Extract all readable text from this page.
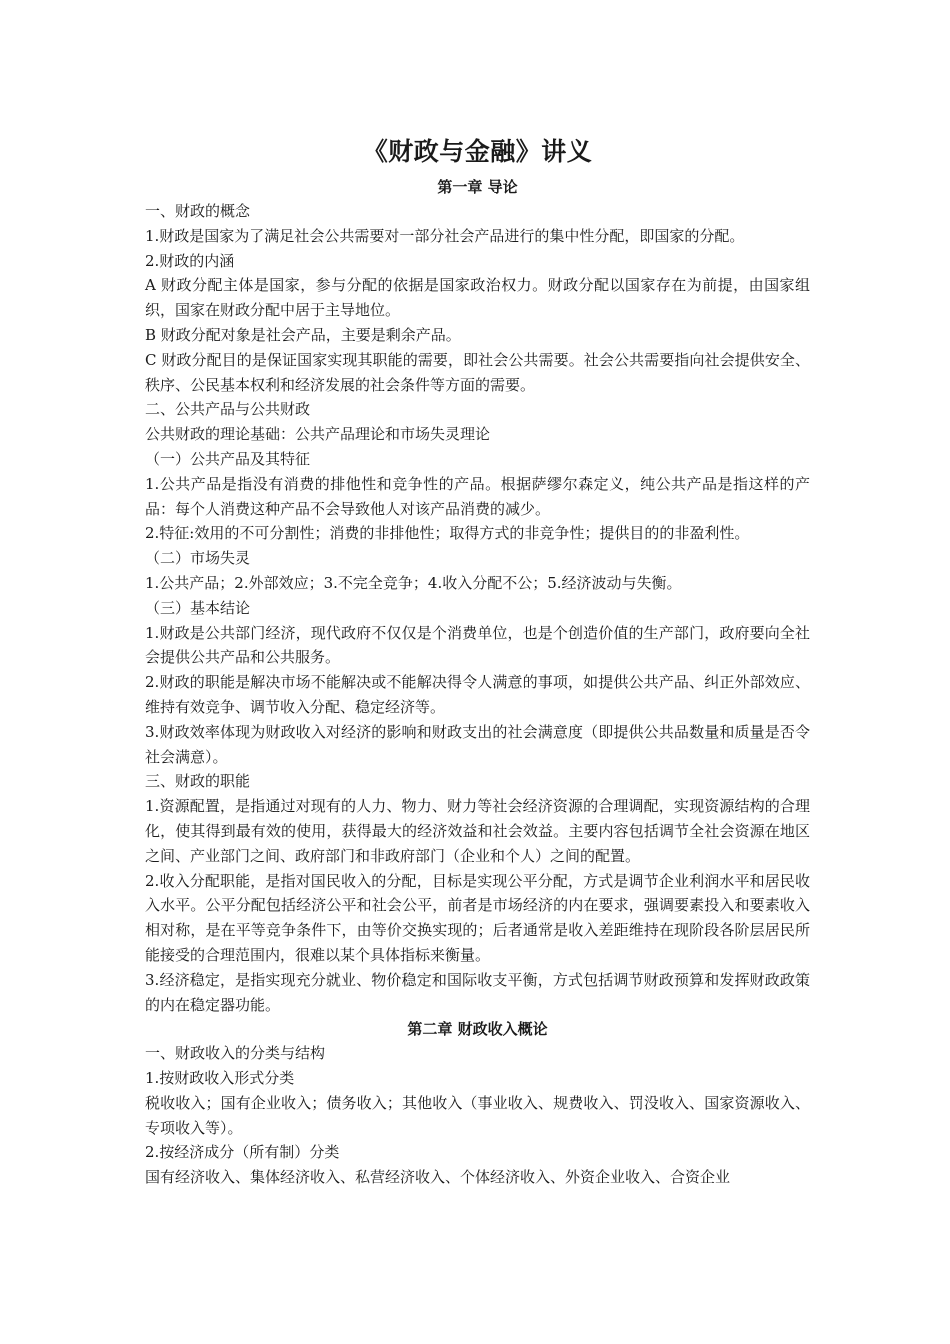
《财政与金融》讲义
第一章 导论

一、财政的概念

1.财政是国家为了满足社会公共需要对一部分社会产品进行的集中性分配，即国家的分配。

2.财政的内涵

A 财政分配主体是国家，参与分配的依据是国家政治权力。财政分配以国家存在为前提，由国家组织，国家在财政分配中居于主导地位。

B 财政分配对象是社会产品，主要是剩余产品。

C 财政分配目的是保证国家实现其职能的需要，即社会公共需要。社会公共需要指向社会提供安全、秩序、公民基本权利和经济发展的社会条件等方面的需要。

二、公共产品与公共财政

公共财政的理论基础：公共产品理论和市场失灵理论

（一）公共产品及其特征

1.公共产品是指没有消费的排他性和竞争性的产品。根据萨缪尔森定义，纯公共产品是指这样的产品：每个人消费这种产品不会导致他人对该产品消费的减少。

2.特征:效用的不可分割性；消费的非排他性；取得方式的非竞争性；提供目的的非盈利性。

（二）市场失灵

1.公共产品；2.外部效应；3.不完全竞争；4.收入分配不公；5.经济波动与失衡。

（三）基本结论

1.财政是公共部门经济，现代政府不仅仅是个消费单位，也是个创造价值的生产部门，政府要向全社会提供公共产品和公共服务。

2.财政的职能是解决市场不能解决或不能解决得令人满意的事项，如提供公共产品、纠正外部效应、维持有效竞争、调节收入分配、稳定经济等。

3.财政效率体现为财政收入对经济的影响和财政支出的社会满意度（即提供公共品数量和质量是否令社会满意）。

三、财政的职能

1.资源配置，是指通过对现有的人力、物力、财力等社会经济资源的合理调配，实现资源结构的合理化，使其得到最有效的使用，获得最大的经济效益和社会效益。主要内容包括调节全社会资源在地区之间、产业部门之间、政府部门和非政府部门（企业和个人）之间的配置。

2.收入分配职能，是指对国民收入的分配，目标是实现公平分配，方式是调节企业利润水平和居民收入水平。公平分配包括经济公平和社会公平，前者是市场经济的内在要求，强调要素投入和要素收入相对称，是在平等竞争条件下，由等价交换实现的；后者通常是收入差距维持在现阶段各阶层居民所能接受的合理范围内，很难以某个具体指标来衡量。

3.经济稳定，是指实现充分就业、物价稳定和国际收支平衡，方式包括调节财政预算和发挥财政政策的内在稳定器功能。

第二章 财政收入概论

一、财政收入的分类与结构

1.按财政收入形式分类

税收收入；国有企业收入；债务收入；其他收入（事业收入、规费收入、罚没收入、国家资源收入、专项收入等）。

2.按经济成分（所有制）分类

国有经济收入、集体经济收入、私营经济收入、个体经济收入、外资企业收入、合资企业
